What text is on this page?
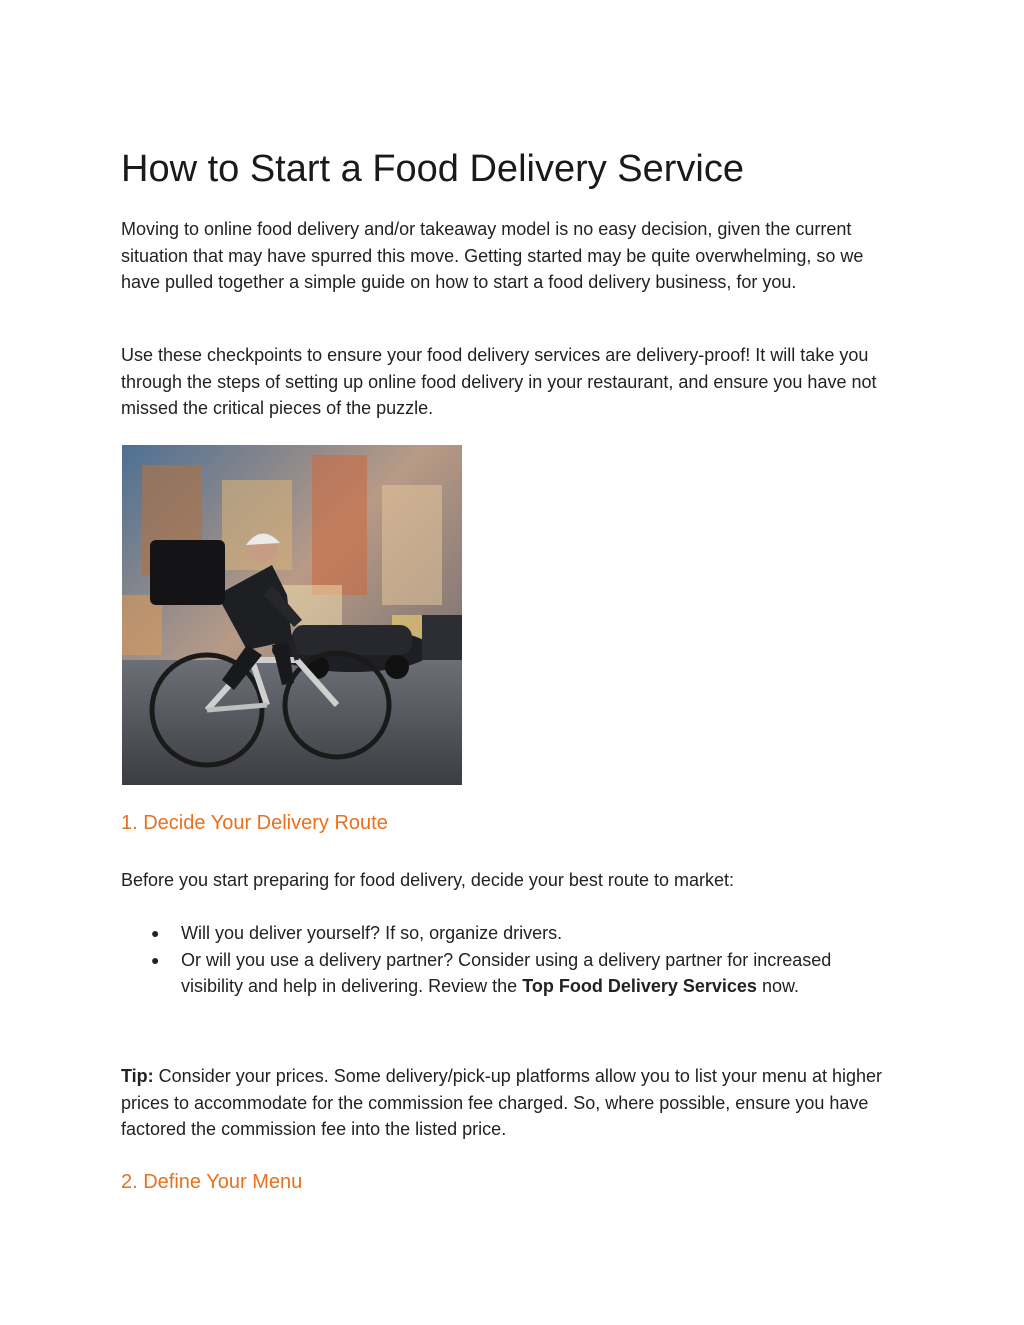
How to Start a Food Delivery Service

Moving to online food delivery and/or takeaway model is no easy decision, given the current situation that may have spurred this move. Getting started may be quite overwhelming, so we have pulled together a simple guide on how to start a food delivery business, for you.

Use these checkpoints to ensure your food delivery services are delivery-proof! It will take you through the steps of setting up online food delivery in your restaurant, and ensure you have not missed the critical pieces of the puzzle.

1. Decide Your Delivery Route

Before you start preparing for food delivery, decide your best route to market:

● Will you deliver yourself? If so, organize drivers.
● Or will you use a delivery partner? Consider using a delivery partner for increased visibility and help in delivering. Review the Top Food Delivery Services now.

Tip: Consider your prices. Some delivery/pick-up platforms allow you to list your menu at higher prices to accommodate for the commission fee charged. So, where possible, ensure you have factored the commission fee into the listed price.

2. Define Your Menu
